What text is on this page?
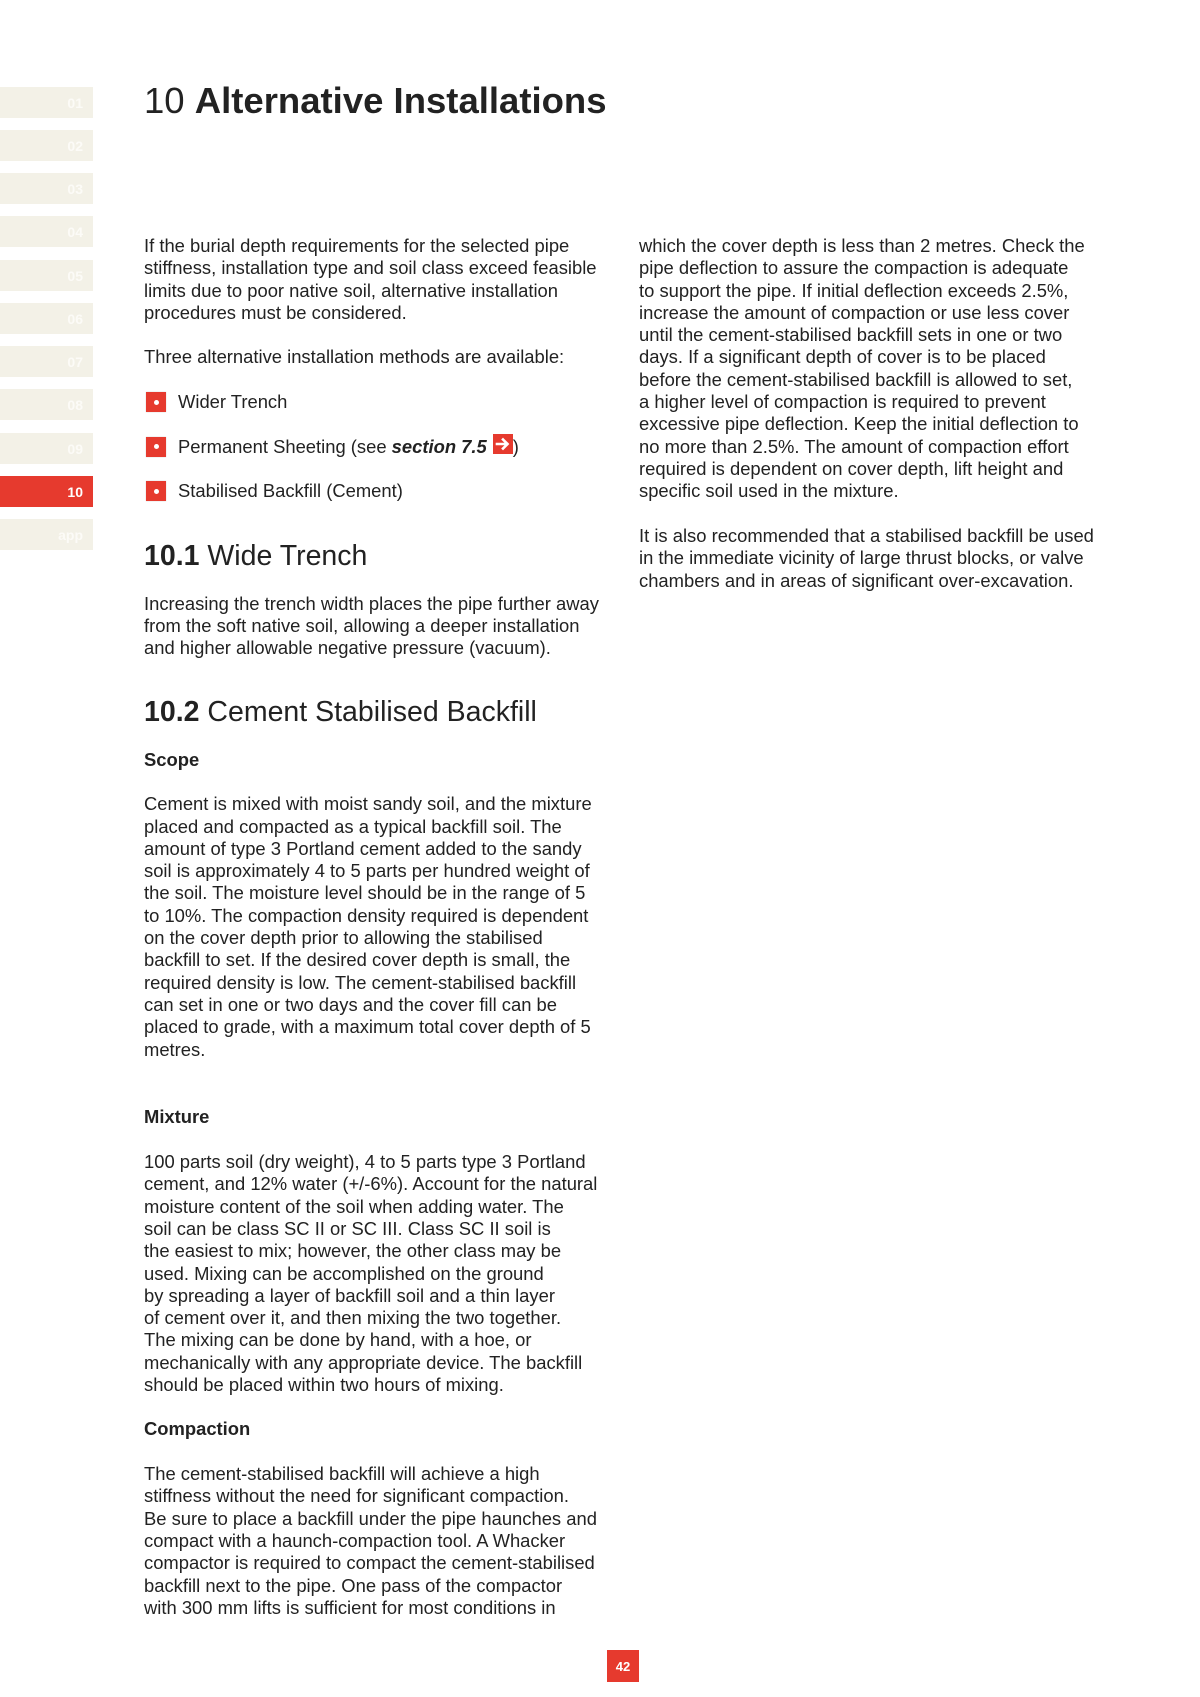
01
02
03
04
05
06
07
08
09
10
app
10 Alternative Installations

If the burial depth requirements for the selected pipe
stiffness, installation type and soil class exceed feasible
limits due to poor native soil, alternative installation
procedures must be considered.

Three alternative installation methods are available:

Wider Trench
Permanent Sheeting (see section 7.5 )
Stabilised Backfill (Cement)
10.1 Wide Trench

Increasing the trench width places the pipe further away
from the soft native soil, allowing a deeper installation
and higher allowable negative pressure (vacuum).

10.2 Cement Stabilised Backfill
Scope

Cement is mixed with moist sandy soil, and the mixture
placed and compacted as a typical backfill soil. The
amount of type 3 Portland cement added to the sandy
soil is approximately 4 to 5 parts per hundred weight of
the soil. The moisture level should be in the range of 5
to 10%. The compaction density required is dependent
on the cover depth prior to allowing the stabilised
backfill to set. If the desired cover depth is small, the
required density is low. The cement-stabilised backfill
can set in one or two days and the cover fill can be
placed to grade, with a maximum total cover depth of 5
metres.

Mixture

100 parts soil (dry weight), 4 to 5 parts type 3 Portland
cement, and 12% water (+/-6%). Account for the natural
moisture content of the soil when adding water. The
soil can be class SC II or SC III. Class SC II soil is
the easiest to mix; however, the other class may be
used. Mixing can be accomplished on the ground
by spreading a layer of backfill soil and a thin layer
of cement over it, and then mixing the two together.
The mixing can be done by hand, with a hoe, or
mechanically with any appropriate device. The backfill
should be placed within two hours of mixing.

Compaction

The cement-stabilised backfill will achieve a high
stiffness without the need for significant compaction.
Be sure to place a backfill under the pipe haunches and
compact with a haunch-compaction tool. A Whacker
compactor is required to compact the cement-stabilised
backfill next to the pipe. One pass of the compactor
with 300 mm lifts is sufficient for most conditions in

which the cover depth is less than 2 metres. Check the
pipe deflection to assure the compaction is adequate
to support the pipe. If initial deflection exceeds 2.5%,
increase the amount of compaction or use less cover
until the cement-stabilised backfill sets in one or two
days. If a significant depth of cover is to be placed
before the cement-stabilised backfill is allowed to set,
a higher level of compaction is required to prevent
excessive pipe deflection. Keep the initial deflection to
no more than 2.5%. The amount of compaction effort
required is dependent on cover depth, lift height and
specific soil used in the mixture.

It is also recommended that a stabilised backfill be used
in the immediate vicinity of large thrust blocks, or valve
chambers and in areas of significant over-excavation.

42
